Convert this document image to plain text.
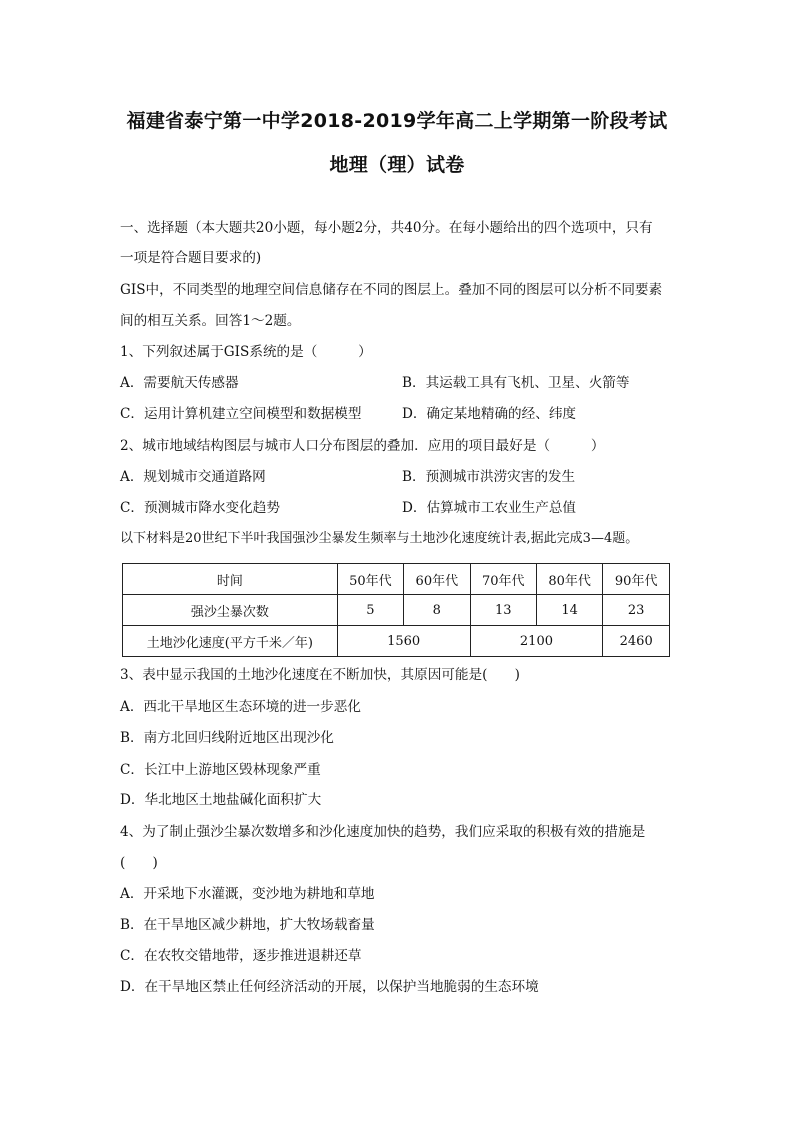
福建省泰宁第一中学2018-2019学年高二上学期第一阶段考试
地理（理）试卷
一、选择题（本大题共20小题，每小题2分，共40分。在每小题给出的四个选项中，只有
一项是符合题目要求的)
GIS中，不同类型的地理空间信息储存在不同的图层上。叠加不同的图层可以分析不同要素
间的相互关系。回答1～2题。
1、下列叙述属于GIS系统的是（　　　）
A．需要航天传感器	B．其运载工具有飞机、卫星、火箭等
C．运用计算机建立空间模型和数据模型	D．确定某地精确的经、纬度
2、城市地域结构图层与城市人口分布图层的叠加．应用的项目最好是（　　　）
A．规划城市交通道路网	B．预测城市洪涝灾害的发生
C．预测城市降水变化趋势	D．估算城市工农业生产总值
以下材料是20世纪下半叶我国强沙尘暴发生频率与土地沙化速度统计表,据此完成3—4题。
时间	50年代	60年代	70年代	80年代	90年代
强沙尘暴次数	5	8	13	14	23
土地沙化速度(平方千米／年)	1560		2100		2460
3、表中显示我国的土地沙化速度在不断加快，其原因可能是(　　)
A．西北干旱地区生态环境的进一步恶化
B．南方北回归线附近地区出现沙化
C．长江中上游地区毁林现象严重
D．华北地区土地盐碱化面积扩大
4、为了制止强沙尘暴次数增多和沙化速度加快的趋势，我们应采取的积极有效的措施是
(　　)
A．开采地下水灌溉，变沙地为耕地和草地
B．在干旱地区减少耕地，扩大牧场载畜量
C．在农牧交错地带，逐步推进退耕还草
D．在干旱地区禁止任何经济活动的开展，以保护当地脆弱的生态环境
